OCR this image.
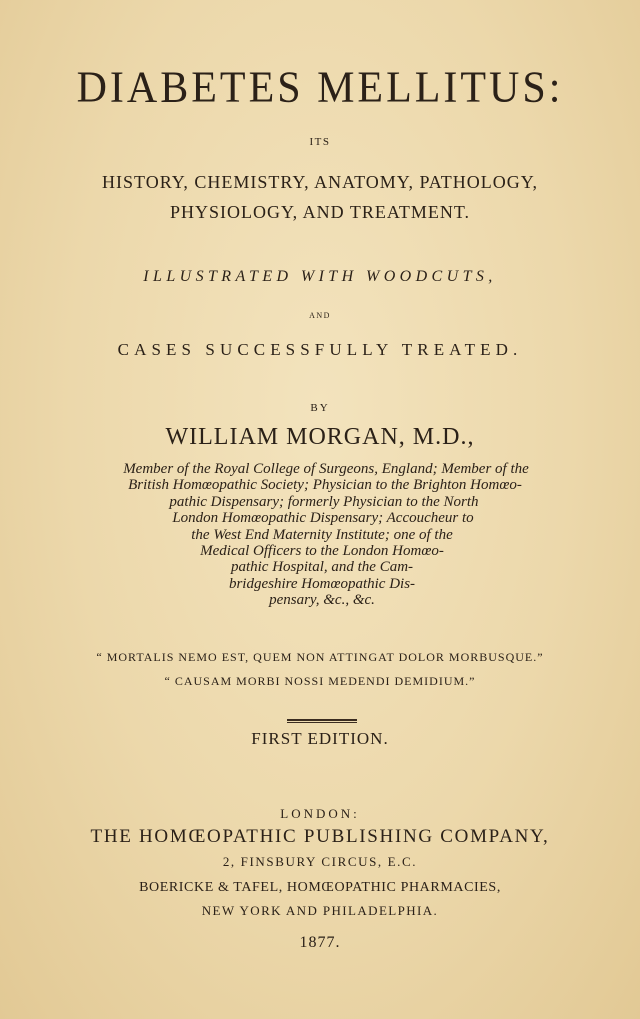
DIABETES MELLITUS:
ITS
HISTORY, CHEMISTRY, ANATOMY, PATHOLOGY,
PHYSIOLOGY, AND TREATMENT.
ILLUSTRATED WITH WOODCUTS,
AND
CASES SUCCESSFULLY TREATED.
BY
WILLIAM MORGAN, M.D.,
Member of the Royal College of Surgeons, England; Member of the
British Homœopathic Society; Physician to the Brighton Homœo-
pathic Dispensary; formerly Physician to the North
London Homœopathic Dispensary; Accoucheur to
the West End Maternity Institute; one of the
Medical Officers to the London Homœo-
pathic Hospital, and the Cam-
bridgeshire Homœopathic Dis-
pensary, &c., &c.
“ MORTALIS NEMO EST, QUEM NON ATTINGAT DOLOR MORBUSQUE.”
“ CAUSAM MORBI NOSSI MEDENDI DEMIDIUM.”
FIRST EDITION.
LONDON:
THE HOMŒOPATHIC PUBLISHING COMPANY,
2, FINSBURY CIRCUS, E.C.
BOERICKE & TAFEL, HOMŒOPATHIC PHARMACIES,
NEW YORK AND PHILADELPHIA.
1877.
